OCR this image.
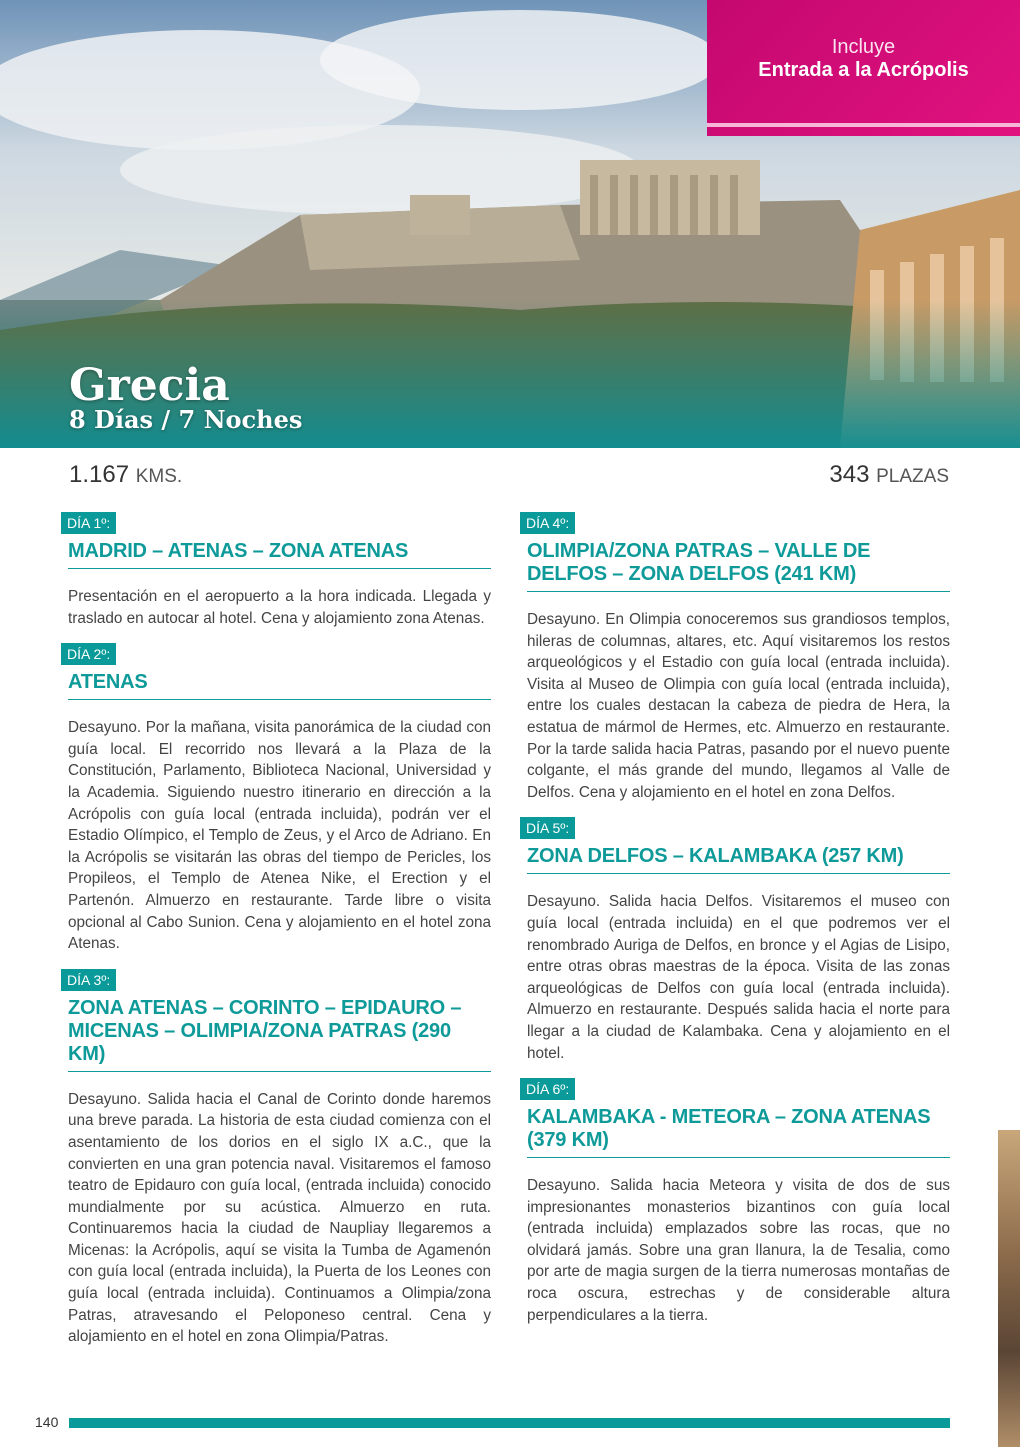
Incluye
Entrada a la Acrópolis
Grecia
8 Días / 7 Noches
1.167 KMS.	343 PLAZAS
DÍA 1º:
MADRID – ATENAS – ZONA ATENAS
Presentación en el aeropuerto a la hora indicada. Llegada y traslado en autocar al hotel. Cena y alojamiento zona Atenas.
DÍA 2º:
ATENAS
Desayuno. Por la mañana, visita panorámica de la ciudad con guía local. El recorrido nos llevará a la Plaza de la Constitución, Parlamento, Biblioteca Nacional, Universidad y la Academia. Siguiendo nuestro itinerario en dirección a la Acrópolis con guía local (entrada incluida), podrán ver el Estadio Olímpico, el Templo de Zeus, y el Arco de Adriano. En la Acrópolis se visitarán las obras del tiempo de Pericles, los Propileos, el Templo de Atenea Nike, el Erection y el Partenón. Almuerzo en restaurante. Tarde libre o visita opcional al Cabo Sunion. Cena y alojamiento en el hotel zona Atenas.
DÍA 3º:
ZONA ATENAS – CORINTO – EPIDAURO – MICENAS – OLIMPIA/ZONA PATRAS (290 KM)
Desayuno. Salida hacia el Canal de Corinto donde haremos una breve parada. La historia de esta ciudad comienza con el asentamiento de los dorios en el siglo IX a.C., que la convierten en una gran potencia naval. Visitaremos el famoso teatro de Epidauro con guía local, (entrada incluida) conocido mundialmente por su acústica. Almuerzo en ruta. Continuaremos hacia la ciudad de Naupliay llegaremos a Micenas: la Acrópolis, aquí se visita la Tumba de Agamenón con guía local (entrada incluida), la Puerta de los Leones con guía local (entrada incluida). Continuamos a Olimpia/zona Patras, atravesando el Peloponeso central. Cena y alojamiento en el hotel en zona Olimpia/Patras.
DÍA 4º:
OLIMPIA/ZONA PATRAS – VALLE DE DELFOS – ZONA DELFOS (241 KM)
Desayuno. En Olimpia conoceremos sus grandiosos templos, hileras de columnas, altares, etc. Aquí visitaremos los restos arqueológicos y el Estadio con guía local (entrada incluida). Visita al Museo de Olimpia con guía local (entrada incluida), entre los cuales destacan la cabeza de piedra de Hera, la estatua de mármol de Hermes, etc. Almuerzo en restaurante. Por la tarde salida hacia Patras, pasando por el nuevo puente colgante, el más grande del mundo, llegamos al Valle de Delfos. Cena y alojamiento en el hotel en zona Delfos.
DÍA 5º:
ZONA DELFOS – KALAMBAKA (257 KM)
Desayuno. Salida hacia Delfos. Visitaremos el museo con guía local (entrada incluida) en el que podremos ver el renombrado Auriga de Delfos, en bronce y el Agias de Lisipo, entre otras obras maestras de la época. Visita de las zonas arqueológicas de Delfos con guía local (entrada incluida). Almuerzo en restaurante. Después salida hacia el norte para llegar a la ciudad de Kalambaka. Cena y alojamiento en el hotel.
DÍA 6º:
KALAMBAKA - METEORA – ZONA ATENAS (379 KM)
Desayuno. Salida hacia Meteora y visita de dos de sus impresionantes monasterios bizantinos con guía local (entrada incluida) emplazados sobre las rocas, que no olvidará jamás. Sobre una gran llanura, la de Tesalia, como por arte de magia surgen de la tierra numerosas montañas de roca oscura, estrechas y de considerable altura perpendiculares a la tierra.
140
